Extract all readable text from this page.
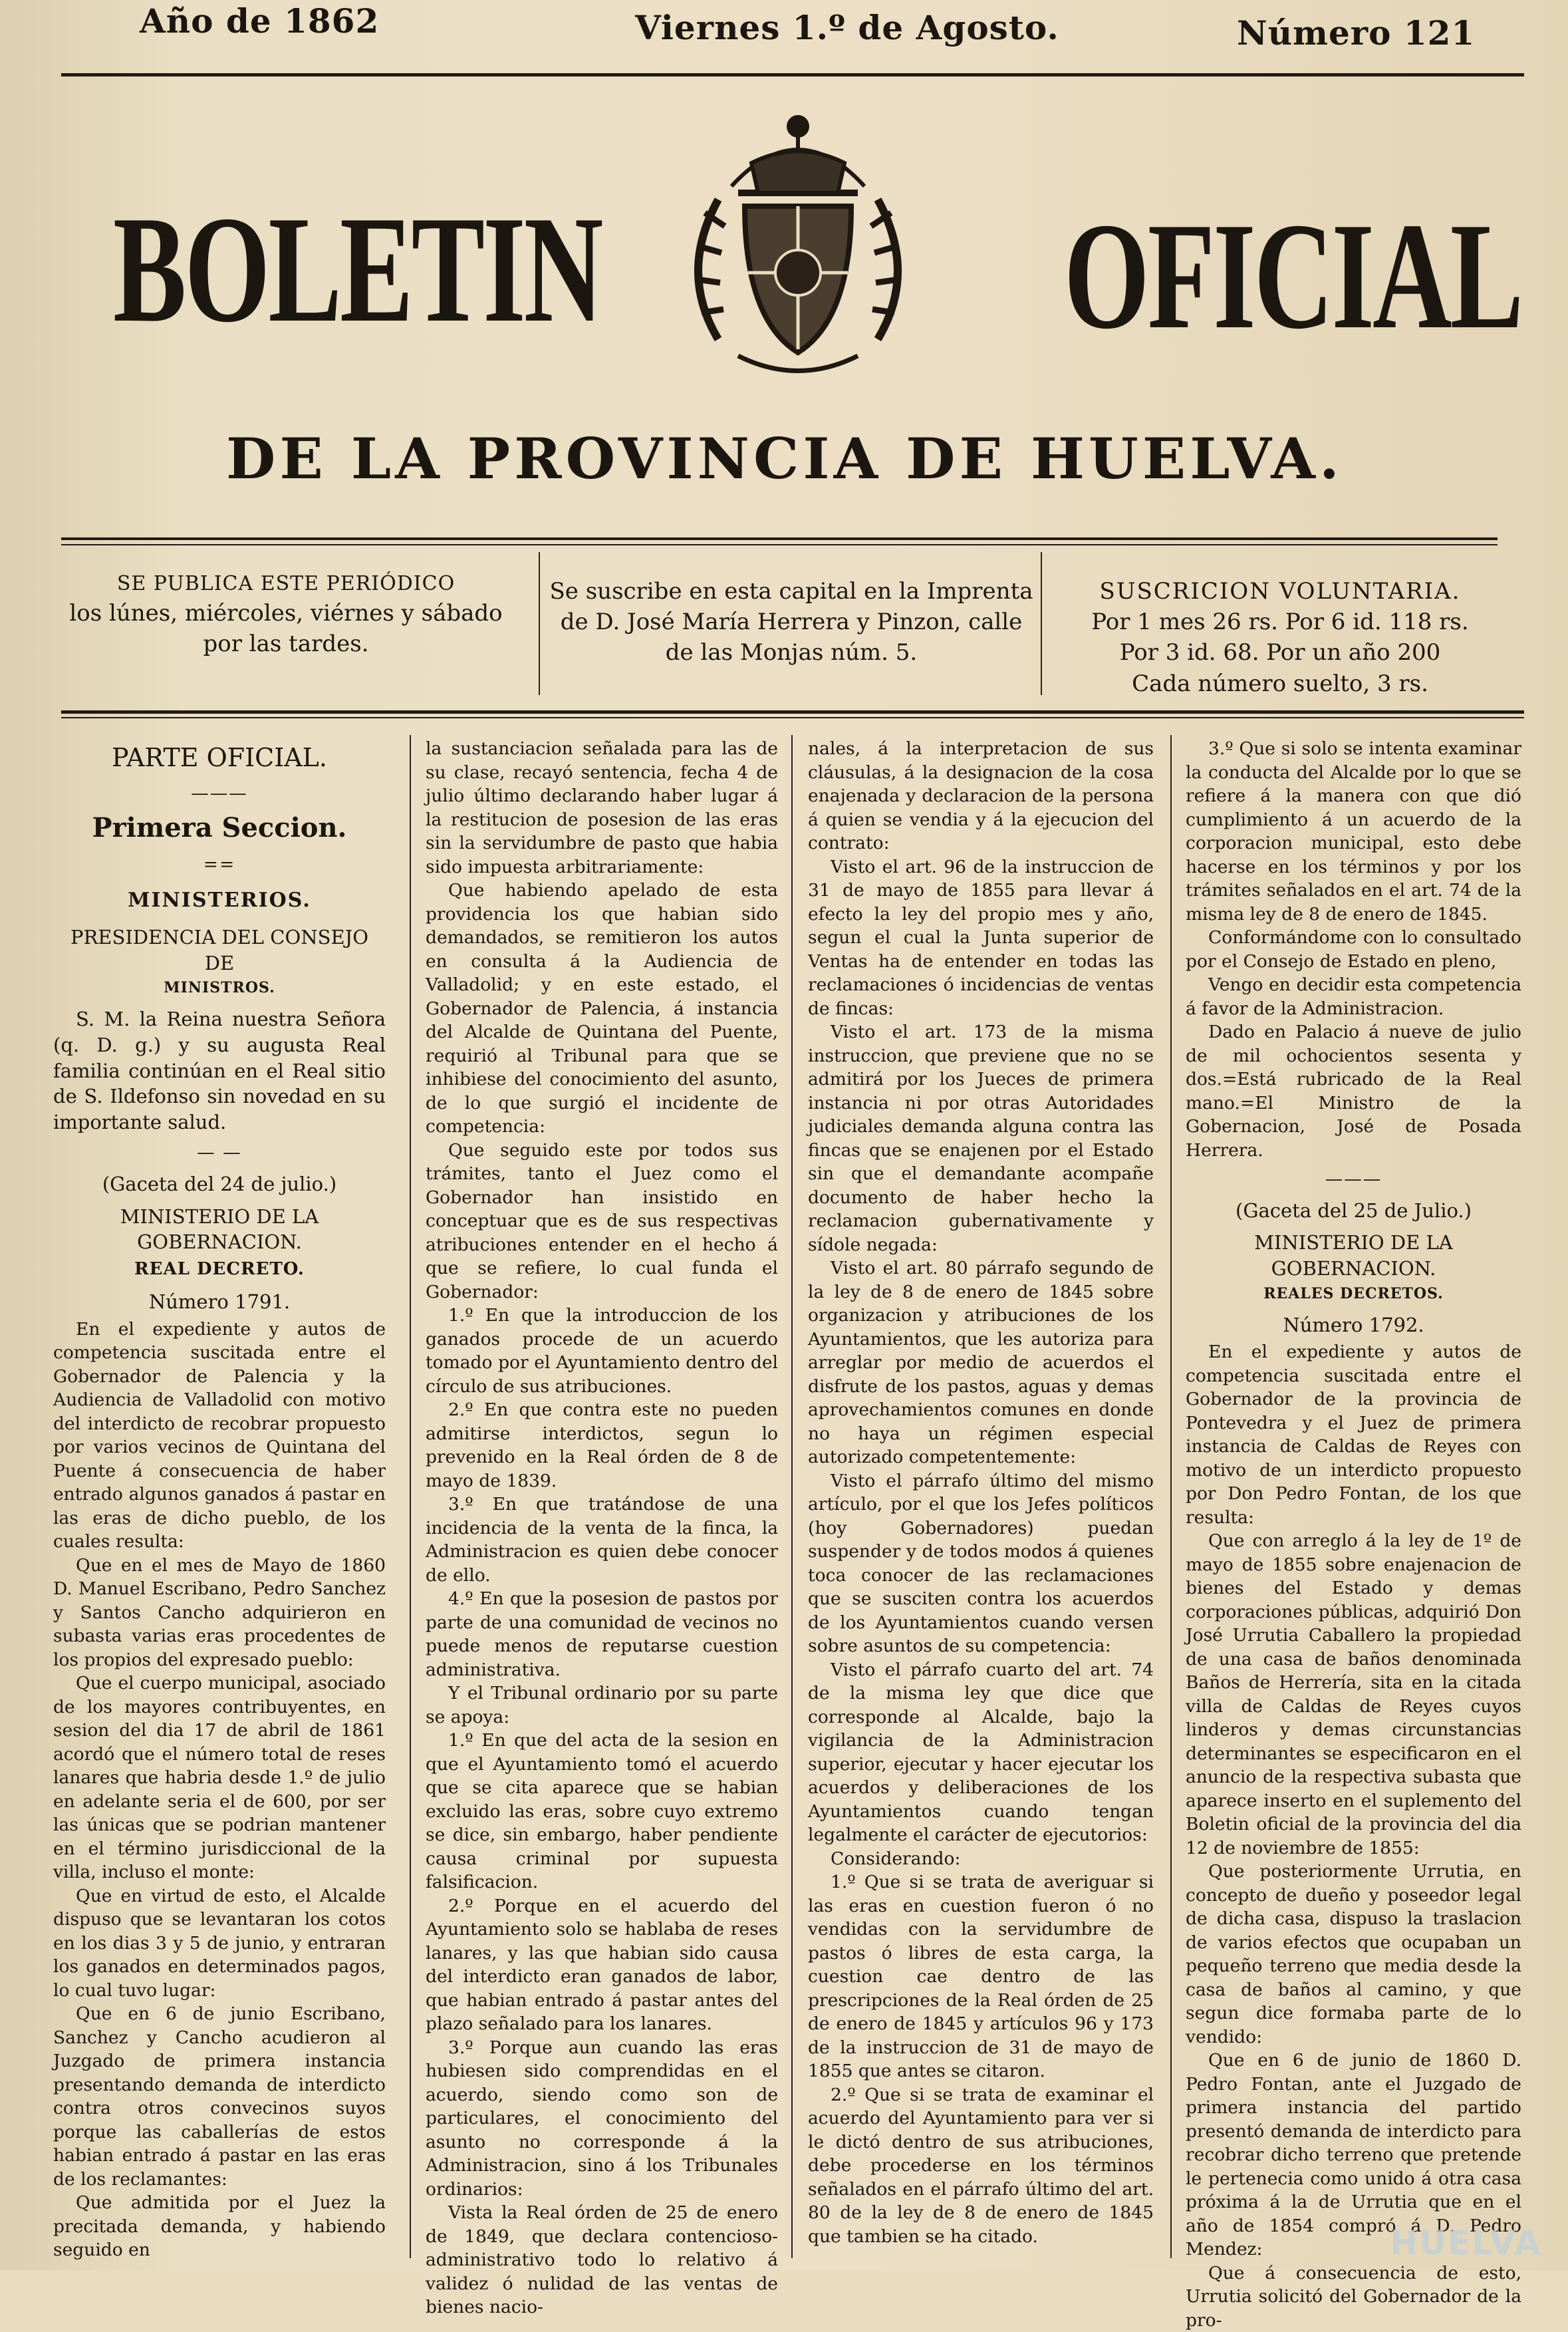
Año de 1862	Viernes 1.º de Agosto.	Número 121
BOLETIN	OFICIAL
DE LA PROVINCIA DE HUELVA.
SE PUBLICA ESTE PERIÓDICO
los lúnes, miércoles, viérnes y sábado
por las tardes.
Se suscribe en esta capital en la Imprenta
de D. José María Herrera y Pinzon, calle
de las Monjas núm. 5.
SUSCRICION VOLUNTARIA.
Por 1 mes 26 rs. Por 6 id. 118 rs.
Por 3 id. 68. Por un año 200
Cada número suelto, 3 rs.

PARTE OFICIAL.

———

Primera Seccion.

==

MINISTERIOS.

PRESIDENCIA DEL CONSEJO DE

MINISTROS.

S. M. la Reina nuestra Señora (q. D. g.) y su augusta Real familia continúan en el Real sitio de S. Ildefonso sin novedad en su importante salud.

— —

(Gaceta del 24 de julio.)

MINISTERIO DE LA GOBERNACION.

REAL DECRETO.

Número 1791.

En el expediente y autos de competencia suscitada entre el Gobernador de Palencia y la Audiencia de Valladolid con motivo del interdicto de recobrar propuesto por varios vecinos de Quintana del Puente á consecuencia de haber entrado algunos ganados á pastar en las eras de dicho pueblo, de los cuales resulta:

Que en el mes de Mayo de 1860 D. Manuel Escribano, Pedro Sanchez y Santos Cancho adquirieron en subasta varias eras procedentes de los propios del expresado pueblo:

Que el cuerpo municipal, asociado de los mayores contribuyentes, en sesion del dia 17 de abril de 1861 acordó que el número total de reses lanares que habria desde 1.º de julio en adelante seria el de 600, por ser las únicas que se podrian mantener en el término jurisdiccional de la villa, incluso el monte:

Que en virtud de esto, el Alcalde dispuso que se levantaran los cotos en los dias 3 y 5 de junio, y entraran los ganados en determinados pagos, lo cual tuvo lugar:

Que en 6 de junio Escribano, Sanchez y Cancho acudieron al Juzgado de primera instancia presentando demanda de interdicto contra otros convecinos suyos porque las caballerías de estos habian entrado á pastar en las eras de los reclamantes:

Que admitida por el Juez la precitada demanda, y habiendo seguido en

la sustanciacion señalada para las de su clase, recayó sentencia, fecha 4 de julio último declarando haber lugar á la restitucion de posesion de las eras sin la servidumbre de pasto que habia sido impuesta arbitrariamente:

Que habiendo apelado de esta providencia los que habian sido demandados, se remitieron los autos en consulta á la Audiencia de Valladolid; y en este estado, el Gobernador de Palencia, á instancia del Alcalde de Quintana del Puente, requirió al Tribunal para que se inhibiese del conocimiento del asunto, de lo que surgió el incidente de competencia:

Que seguido este por todos sus trámites, tanto el Juez como el Gobernador han insistido en conceptuar que es de sus respectivas atribuciones entender en el hecho á que se refiere, lo cual funda el Gobernador:

1.º En que la introduccion de los ganados procede de un acuerdo tomado por el Ayuntamiento dentro del círculo de sus atribuciones.

2.º En que contra este no pueden admitirse interdictos, segun lo prevenido en la Real órden de 8 de mayo de 1839.

3.º En que tratándose de una incidencia de la venta de la finca, la Administracion es quien debe conocer de ello.

4.º En que la posesion de pastos por parte de una comunidad de vecinos no puede menos de reputarse cuestion administrativa.

Y el Tribunal ordinario por su parte se apoya:

1.º En que del acta de la sesion en que el Ayuntamiento tomó el acuerdo que se cita aparece que se habian excluido las eras, sobre cuyo extremo se dice, sin embargo, haber pendiente causa criminal por supuesta falsificacion.

2.º Porque en el acuerdo del Ayuntamiento solo se hablaba de reses lanares, y las que habian sido causa del interdicto eran ganados de labor, que habian entrado á pastar antes del plazo señalado para los lanares.

3.º Porque aun cuando las eras hubiesen sido comprendidas en el acuerdo, siendo como son de particulares, el conocimiento del asunto no corresponde á la Administracion, sino á los Tribunales ordinarios:

Vista la Real órden de 25 de enero de 1849, que declara contencioso-administrativo todo lo relativo á validez ó nulidad de las ventas de bienes nacio-

nales, á la interpretacion de sus cláusulas, á la designacion de la cosa enajenada y declaracion de la persona á quien se vendia y á la ejecucion del contrato:

Visto el art. 96 de la instruccion de 31 de mayo de 1855 para llevar á efecto la ley del propio mes y año, segun el cual la Junta superior de Ventas ha de entender en todas las reclamaciones ó incidencias de ventas de fincas:

Visto el art. 173 de la misma instruccion, que previene que no se admitirá por los Jueces de primera instancia ni por otras Autoridades judiciales demanda alguna contra las fincas que se enajenen por el Estado sin que el demandante acompañe documento de haber hecho la reclamacion gubernativamente y sídole negada:

Visto el art. 80 párrafo segundo de la ley de 8 de enero de 1845 sobre organizacion y atribuciones de los Ayuntamientos, que les autoriza para arreglar por medio de acuerdos el disfrute de los pastos, aguas y demas aprovechamientos comunes en donde no haya un régimen especial autorizado competentemente:

Visto el párrafo último del mismo artículo, por el que los Jefes políticos (hoy Gobernadores) puedan suspender y de todos modos á quienes toca conocer de las reclamaciones que se susciten contra los acuerdos de los Ayuntamientos cuando versen sobre asuntos de su competencia:

Visto el párrafo cuarto del art. 74 de la misma ley que dice que corresponde al Alcalde, bajo la vigilancia de la Administracion superior, ejecutar y hacer ejecutar los acuerdos y deliberaciones de los Ayuntamientos cuando tengan legalmente el carácter de ejecutorios:

Considerando:

1.º Que si se trata de averiguar si las eras en cuestion fueron ó no vendidas con la servidumbre de pastos ó libres de esta carga, la cuestion cae dentro de las prescripciones de la Real órden de 25 de enero de 1845 y artículos 96 y 173 de la instruccion de 31 de mayo de 1855 que antes se citaron.

2.º Que si se trata de examinar el acuerdo del Ayuntamiento para ver si le dictó dentro de sus atribuciones, debe procederse en los términos señalados en el párrafo último del art. 80 de la ley de 8 de enero de 1845 que tambien se ha citado.

3.º Que si solo se intenta examinar la conducta del Alcalde por lo que se refiere á la manera con que dió cumplimiento á un acuerdo de la corporacion municipal, esto debe hacerse en los términos y por los trámites señalados en el art. 74 de la misma ley de 8 de enero de 1845.

Conformándome con lo consultado por el Consejo de Estado en pleno,

Vengo en decidir esta competencia á favor de la Administracion.

Dado en Palacio á nueve de julio de mil ochocientos sesenta y dos.=Está rubricado de la Real mano.=El Ministro de la Gobernacion, José de Posada Herrera.

———

(Gaceta del 25 de Julio.)

MINISTERIO DE LA GOBERNACION.

REALES DECRETOS.

Número 1792.

En el expediente y autos de competencia suscitada entre el Gobernador de la provincia de Pontevedra y el Juez de primera instancia de Caldas de Reyes con motivo de un interdicto propuesto por Don Pedro Fontan, de los que resulta:

Que con arreglo á la ley de 1º de mayo de 1855 sobre enajenacion de bienes del Estado y demas corporaciones públicas, adquirió Don José Urrutia Caballero la propiedad de una casa de baños denominada Baños de Herrería, sita en la citada villa de Caldas de Reyes cuyos linderos y demas circunstancias determinantes se especificaron en el anuncio de la respectiva subasta que aparece inserto en el suplemento del Boletin oficial de la provincia del dia 12 de noviembre de 1855:

Que posteriormente Urrutia, en concepto de dueño y poseedor legal de dicha casa, dispuso la traslacion de varios efectos que ocupaban un pequeño terreno que media desde la casa de baños al camino, y que segun dice formaba parte de lo vendido:

Que en 6 de junio de 1860 D. Pedro Fontan, ante el Juzgado de primera instancia del partido presentó demanda de interdicto para recobrar dicho terreno que pretende le pertenecia como unido á otra casa próxima á la de Urrutia que en el año de 1854 compró á D. Pedro Mendez:

Que á consecuencia de esto, Urrutia solicitó del Gobernador de la pro-

HUELVA
